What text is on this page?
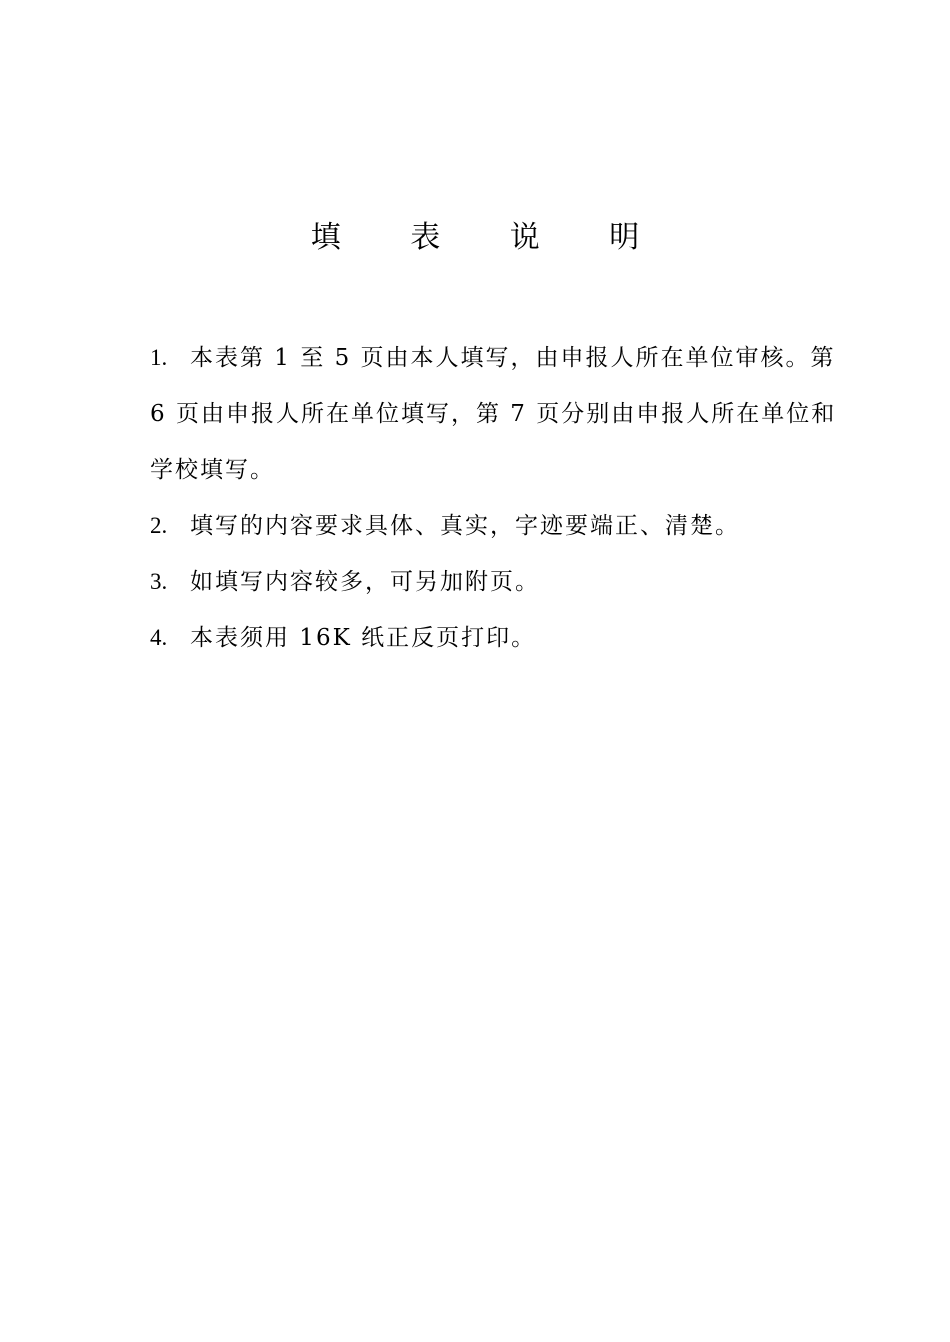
填 表 说 明

1. 本表第 1 至 5 页由本人填写，由申报人所在单位审核。第 6 页由申报人所在单位填写，第 7 页分别由申报人所在单位和学校填写。

2. 填写的内容要求具体、真实，字迹要端正、清楚。

3. 如填写内容较多，可另加附页。

4. 本表须用 16K 纸正反页打印。
